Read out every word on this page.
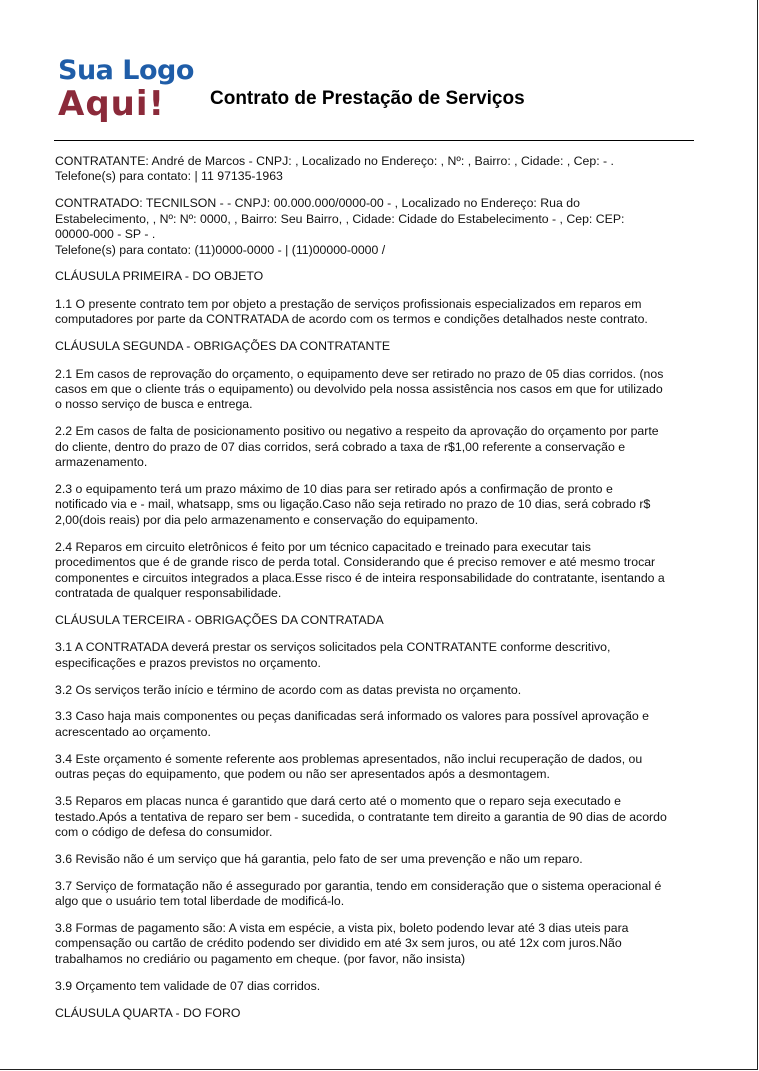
Sua Logo
Aqui!	Contrato de Prestação de Serviços

CONTRATANTE: André de Marcos - CNPJ: , Localizado no Endereço: , Nº: , Bairro: , Cidade: , Cep: - .
Telefone(s) para contato: | 11 97135-1963

CONTRATADO: TECNILSON - - CNPJ: 00.000.000/0000-00 - , Localizado no Endereço: Rua do
Estabelecimento, , Nº: Nº: 0000, , Bairro: Seu Bairro, , Cidade: Cidade do Estabelecimento - , Cep: CEP:
00000-000 - SP - .
Telefone(s) para contato: (11)0000-0000 - | (11)00000-0000 /

CLÁUSULA PRIMEIRA - DO OBJETO

1.1 O presente contrato tem por objeto a prestação de serviços profissionais especializados em reparos em
computadores por parte da CONTRATADA de acordo com os termos e condições detalhados neste contrato.

CLÁUSULA SEGUNDA - OBRIGAÇÕES DA CONTRATANTE

2.1 Em casos de reprovação do orçamento, o equipamento deve ser retirado no prazo de 05 dias corridos. (nos
casos em que o cliente trás o equipamento) ou devolvido pela nossa assistência nos casos em que for utilizado
o nosso serviço de busca e entrega.

2.2 Em casos de falta de posicionamento positivo ou negativo a respeito da aprovação do orçamento por parte
do cliente, dentro do prazo de 07 dias corridos, será cobrado a taxa de r$1,00 referente a conservação e
armazenamento.

2.3 o equipamento terá um prazo máximo de 10 dias para ser retirado após a confirmação de pronto e
notificado via e - mail, whatsapp, sms ou ligação.Caso não seja retirado no prazo de 10 dias, será cobrado r$
2,00(dois reais) por dia pelo armazenamento e conservação do equipamento.

2.4 Reparos em circuito eletrônicos é feito por um técnico capacitado e treinado para executar tais
procedimentos que é de grande risco de perda total. Considerando que é preciso remover e até mesmo trocar
componentes e circuitos integrados a placa.Esse risco é de inteira responsabilidade do contratante, isentando a
contratada de qualquer responsabilidade.

CLÁUSULA TERCEIRA - OBRIGAÇÕES DA CONTRATADA

3.1 A CONTRATADA deverá prestar os serviços solicitados pela CONTRATANTE conforme descritivo,
especificações e prazos previstos no orçamento.

3.2 Os serviços terão início e término de acordo com as datas prevista no orçamento.

3.3 Caso haja mais componentes ou peças danificadas será informado os valores para possível aprovação e
acrescentado ao orçamento.

3.4 Este orçamento é somente referente aos problemas apresentados, não inclui recuperação de dados, ou
outras peças do equipamento, que podem ou não ser apresentados após a desmontagem.

3.5 Reparos em placas nunca é garantido que dará certo até o momento que o reparo seja executado e
testado.Após a tentativa de reparo ser bem - sucedida, o contratante tem direito a garantia de 90 dias de acordo
com o código de defesa do consumidor.

3.6 Revisão não é um serviço que há garantia, pelo fato de ser uma prevenção e não um reparo.

3.7 Serviço de formatação não é assegurado por garantia, tendo em consideração que o sistema operacional é
algo que o usuário tem total liberdade de modificá-lo.

3.8 Formas de pagamento são: A vista em espécie, a vista pix, boleto podendo levar até 3 dias uteis para
compensação ou cartão de crédito podendo ser dividido em até 3x sem juros, ou até 12x com juros.Não
trabalhamos no crediário ou pagamento em cheque. (por favor, não insista)

3.9 Orçamento tem validade de 07 dias corridos.

CLÁUSULA QUARTA - DO FORO
